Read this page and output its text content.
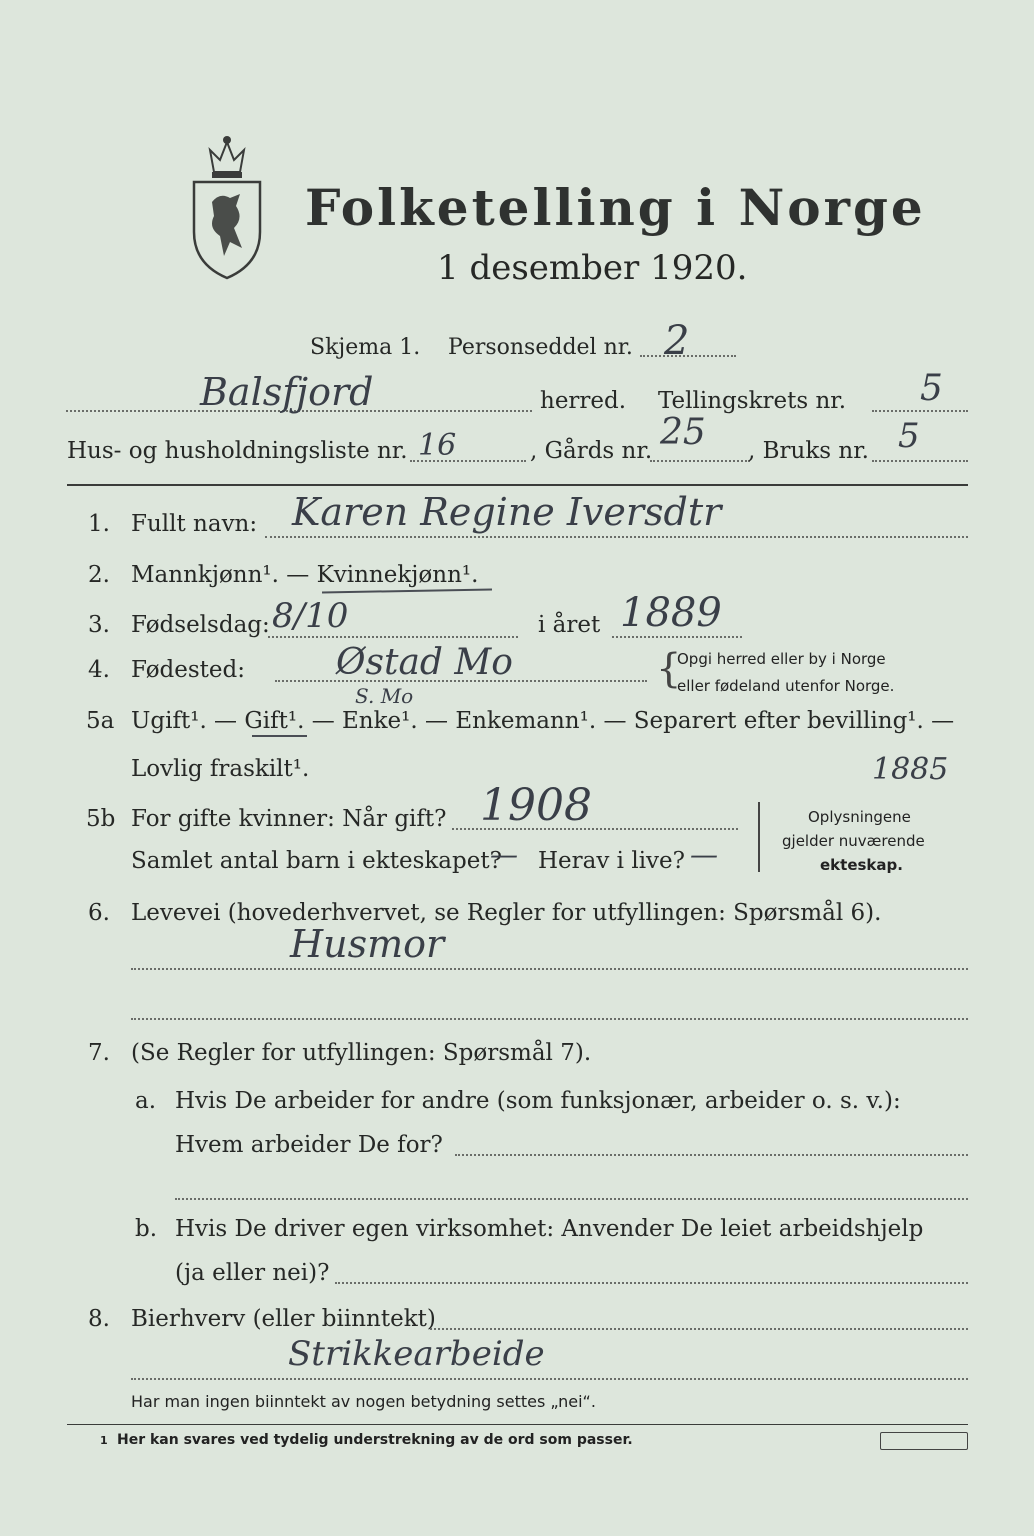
Folketelling i Norge
1 desember 1920.
Skjema 1. Personseddel nr. 2
Balsfjord	herred. Tellingskrets nr. 5
Hus- og husholdningsliste nr. 16	, Gårds nr. 25 , Bruks nr. 5
1. Fullt navn: Karen Regine Iversdtr
2. Mannkjønn¹. — Kvinnekjønn¹.
3. Fødselsdag: 8/10	i året 1889
4. Fødested:	Østad Mo
S. Mo
{
Opgi herred eller by i Norge
eller fødeland utenfor Norge.
5a Ugift¹. — Gift¹. — Enke¹. — Enkemann¹. — Separert efter bevilling¹. —
Lovlig fraskilt¹.
5b For gifte kvinner: Når gift? 1908
1885
Samlet antal barn i ekteskapet?
— Herav i live? —
Oplysningene
gjelder nuværende
ekteskap.
6. Levevei (hovederhvervet, se Regler for utfyllingen: Spørsmål 6).
Husmor
7. (Se Regler for utfyllingen: Spørsmål 7).
a. Hvis De arbeider for andre (som funksjonær, arbeider o. s. v.):
Hvem arbeider De for?
b. Hvis De driver egen virksomhet: Anvender De leiet arbeidshjelp
(ja eller nei)?
8. Bierhverv (eller biinntekt)
Strikkearbeide
Har man ingen biinntekt av nogen betydning settes „nei“.
1 Her kan svares ved tydelig understrekning av de ord som passer.
